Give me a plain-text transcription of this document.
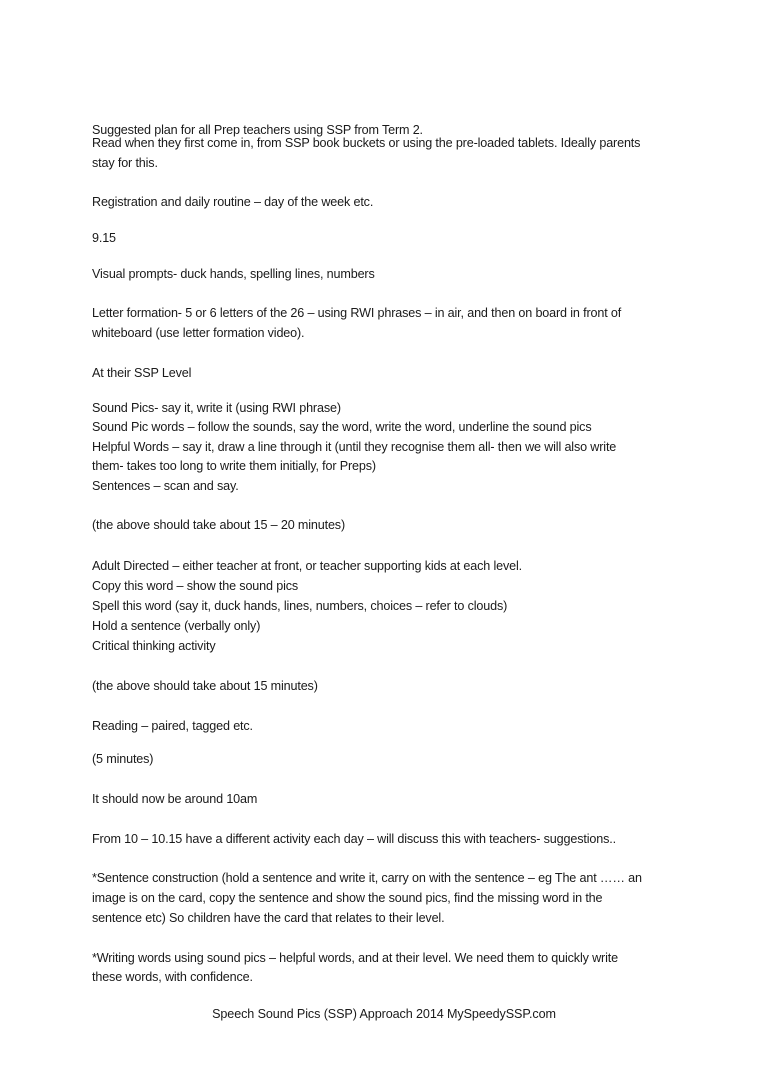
Suggested plan for all Prep teachers using SSP from Term 2.
Read when they first come in, from SSP book buckets or using the pre-loaded tablets. Ideally parents
stay for this.
Registration and daily routine – day of the week etc.
9.15
Visual prompts- duck hands, spelling lines, numbers
Letter formation- 5 or 6 letters of the 26 – using RWI phrases – in air, and then on board in front of
whiteboard (use letter formation video).
At their SSP Level
Sound Pics- say it, write it (using RWI phrase)
Sound Pic words – follow the sounds, say the word, write the word, underline the sound pics
Helpful Words – say it, draw a line through it (until they recognise them all- then we will also write
them- takes too long to write them initially, for Preps)
Sentences – scan and say.
(the above should take about 15 – 20 minutes)
Adult Directed – either teacher at front, or teacher supporting kids at each level.
Copy this word – show the sound pics
Spell this word (say it, duck hands, lines, numbers, choices – refer to clouds)
Hold a sentence (verbally only)
Critical thinking activity
(the above should take about 15 minutes)
Reading – paired, tagged etc.
(5 minutes)
It should now be around 10am
From 10 – 10.15 have a different activity each day – will discuss this with teachers- suggestions..
*Sentence construction (hold a sentence and write it, carry on with the sentence – eg The ant …… an
image is on the card, copy the sentence and show the sound pics, find the missing word in the
sentence etc) So children have the card that relates to their level.
*Writing words using sound pics – helpful words, and at their level. We need them to quickly write
these words, with confidence.
Speech Sound Pics (SSP) Approach 2014 MySpeedySSP.com
